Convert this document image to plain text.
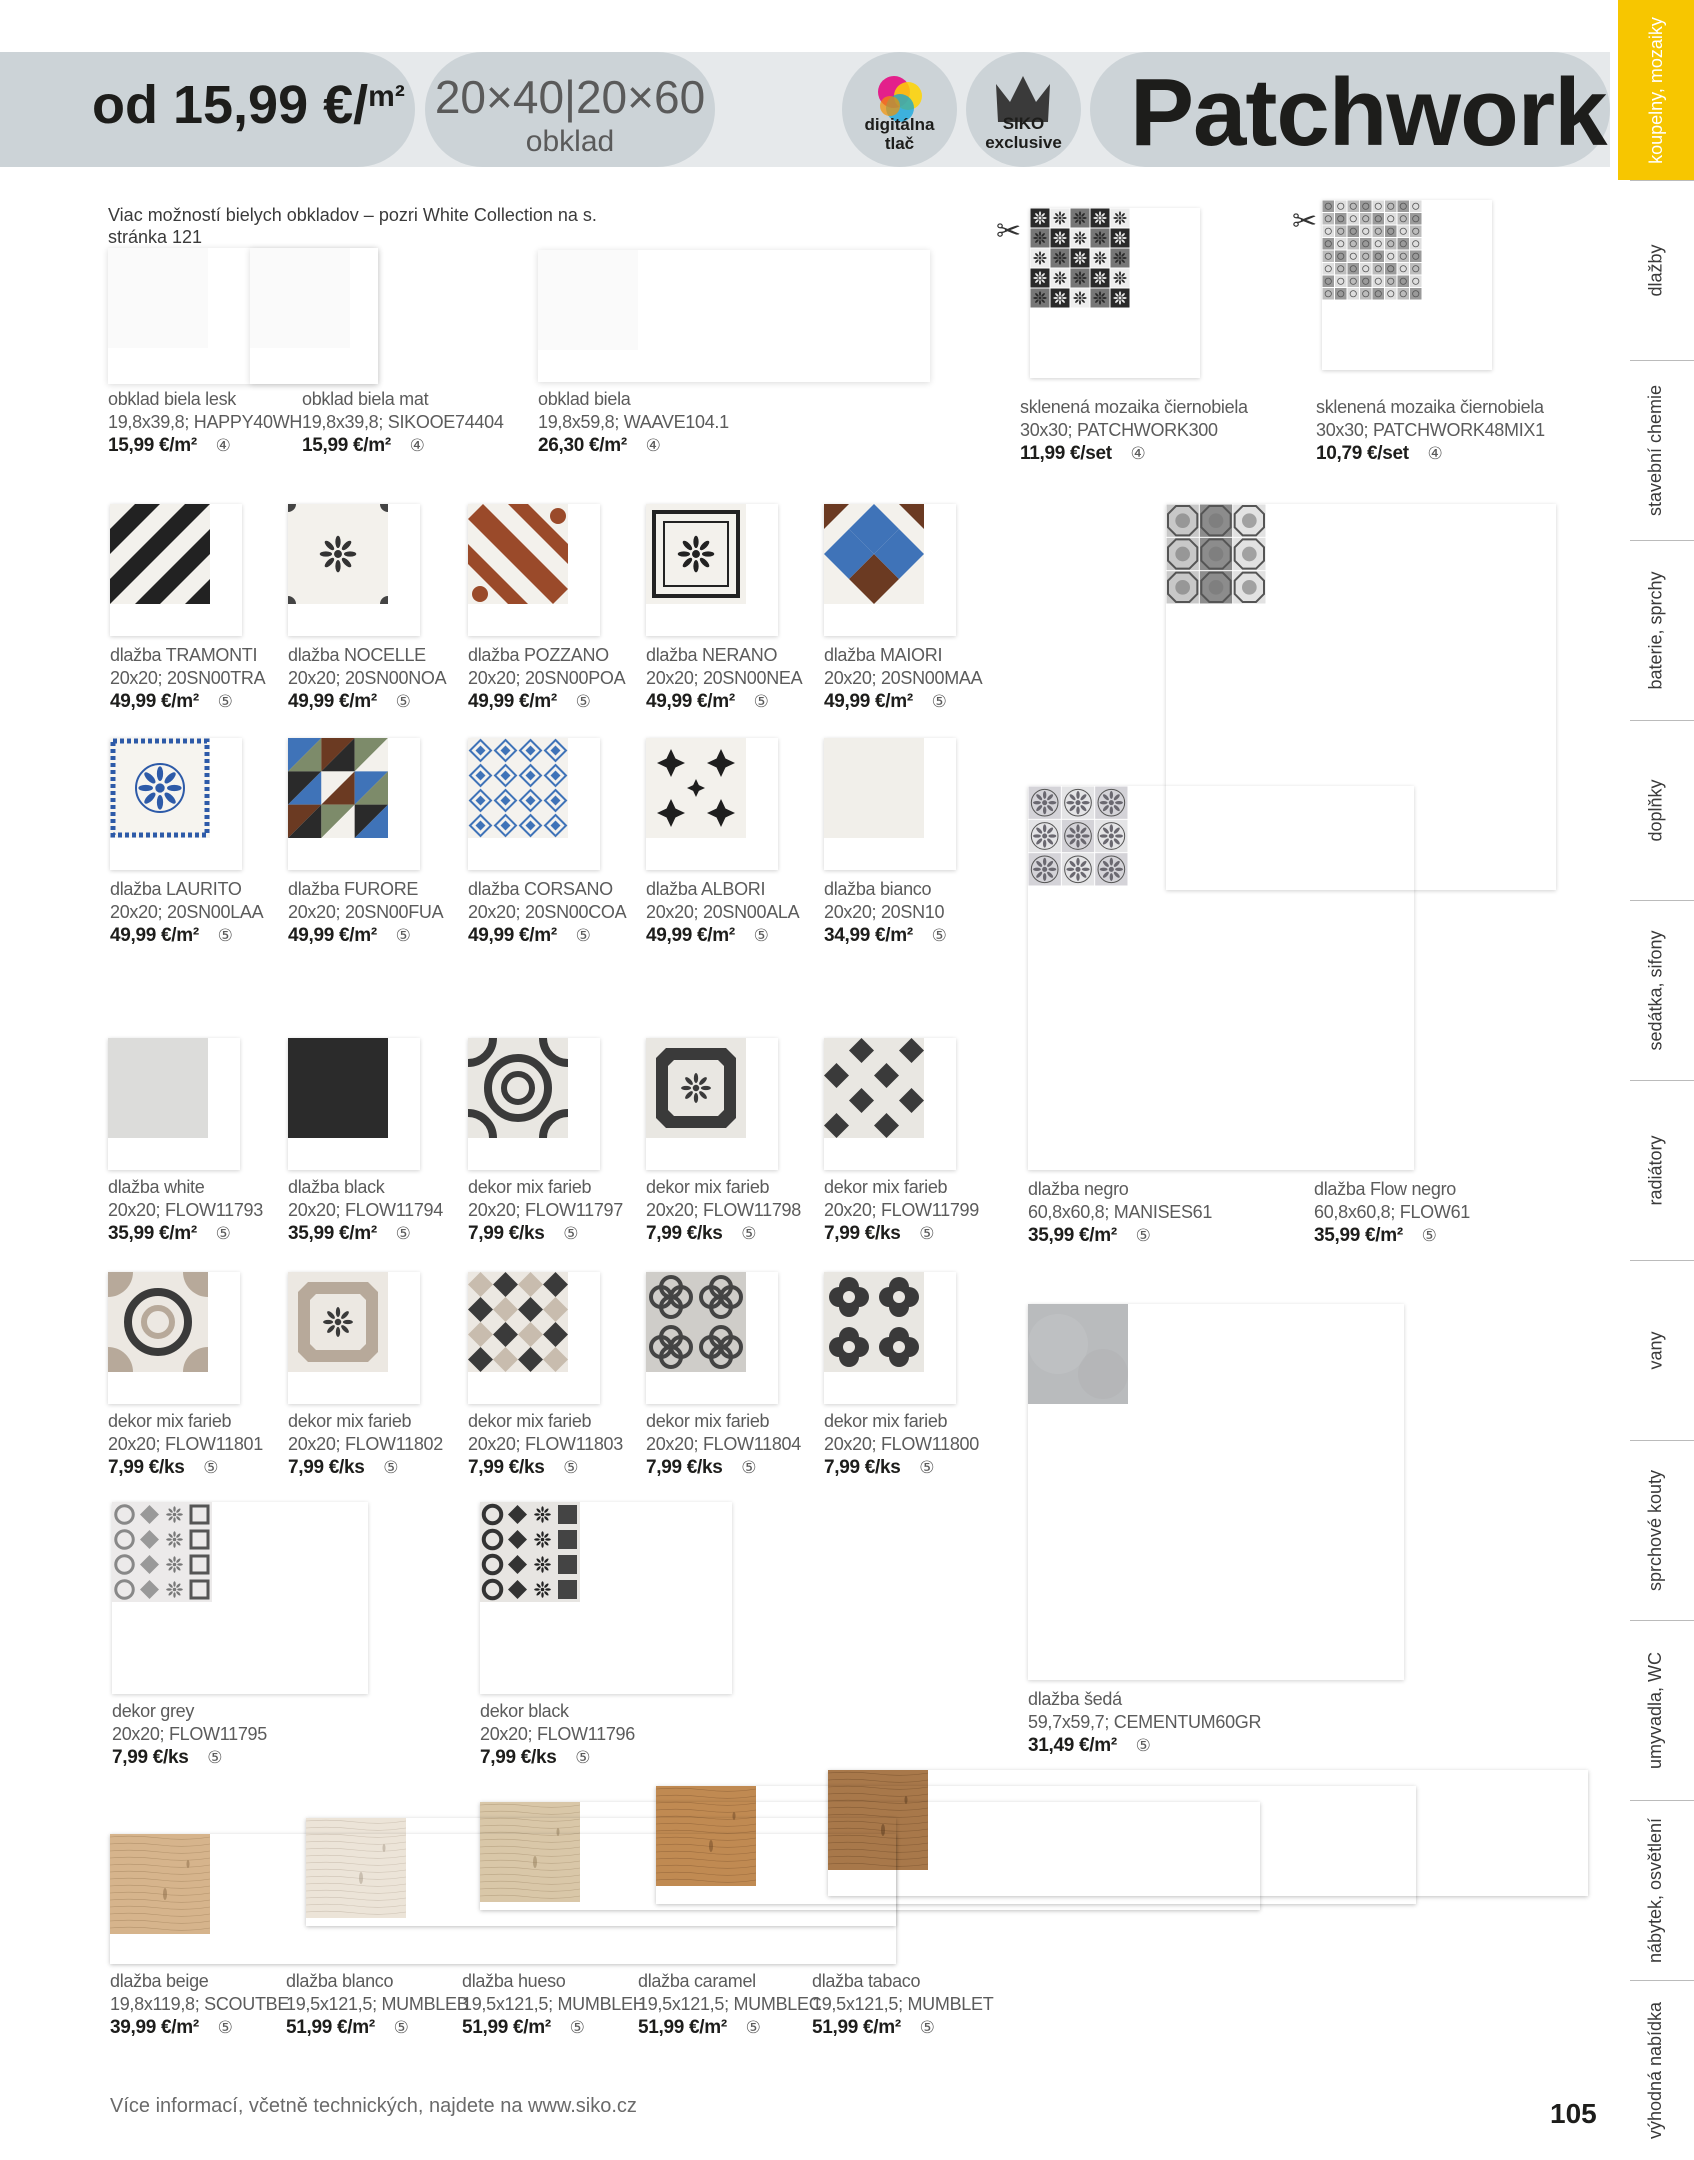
od 15,99 €/$^{m^2}$ 20×40|20×60
obklad
digitálna
tlač
SIKO
exclusive Patchwork koupelny, mozaiky
dlažby
stavební chemie
baterie, sprchy
doplňky
sedátka, sifony
radiátory
vany
sprchové kouty
umyvadla, WC
nábytek, osvětlení
výhodná nabídka
Viac možností bielych obkladov – pozri White Collection na s. stránka 121
obklad biela lesk
19,8x39,8; HAPPY40WH
15,99 €/m² ④
obklad biela mat
19,8x39,8; SIKOOE74404
15,99 €/m² ④
obklad biela
19,8x59,8; WAAVE104.1
26,30 €/m² ④
sklenená mozaika čiernobiela
30x30; PATCHWORK300
11,99 €/set ④
sklenená mozaika čiernobiela
30x30; PATCHWORK48MIX1
10,79 €/set ④
dlažba TRAMONTI
20x20; 20SN00TRA
49,99 €/m² ⑤
dlažba NOCELLE
20x20; 20SN00NOA
49,99 €/m² ⑤
dlažba POZZANO
20x20; 20SN00POA
49,99 €/m² ⑤
dlažba NERANO
20x20; 20SN00NEA
49,99 €/m² ⑤
dlažba MAIORI
20x20; 20SN00MAA
49,99 €/m² ⑤
dlažba LAURITO
20x20; 20SN00LAA
49,99 €/m² ⑤
dlažba FURORE
20x20; 20SN00FUA
49,99 €/m² ⑤
dlažba CORSANO
20x20; 20SN00COA
49,99 €/m² ⑤
dlažba ALBORI
20x20; 20SN00ALA
49,99 €/m² ⑤
dlažba bianco
20x20; 20SN10
34,99 €/m² ⑤
dlažba white
20x20; FLOW11793
35,99 €/m² ⑤
dlažba black
20x20; FLOW11794
35,99 €/m² ⑤
dekor mix farieb
20x20; FLOW11797
7,99 €/ks ⑤
dekor mix farieb
20x20; FLOW11798
7,99 €/ks ⑤
dekor mix farieb
20x20; FLOW11799
7,99 €/ks ⑤
dekor mix farieb
20x20; FLOW11801
7,99 €/ks ⑤
dekor mix farieb
20x20; FLOW11802
7,99 €/ks ⑤
dekor mix farieb
20x20; FLOW11803
7,99 €/ks ⑤
dekor mix farieb
20x20; FLOW11804
7,99 €/ks ⑤
dekor mix farieb
20x20; FLOW11800
7,99 €/ks ⑤
dekor grey
20x20; FLOW11795
7,99 €/ks ⑤
dekor black
20x20; FLOW11796
7,99 €/ks ⑤
dlažba negro
60,8x60,8; MANISES61
35,99 €/m² ⑤
dlažba Flow negro
60,8x60,8; FLOW61
35,99 €/m² ⑤
dlažba šedá
59,7x59,7; CEMENTUM60GR
31,49 €/m² ⑤
dlažba beige
19,8x119,8; SCOUTBE
39,99 €/m² ⑤
dlažba blanco
19,5x121,5; MUMBLEB
51,99 €/m² ⑤
dlažba hueso
19,5x121,5; MUMBLEH
51,99 €/m² ⑤
dlažba caramel
19,5x121,5; MUMBLEC
51,99 €/m² ⑤
dlažba tabaco
19,5x121,5; MUMBLET
51,99 €/m² ⑤
Více informací, včetně technických, najdete na www.siko.cz	105
✂	✂
